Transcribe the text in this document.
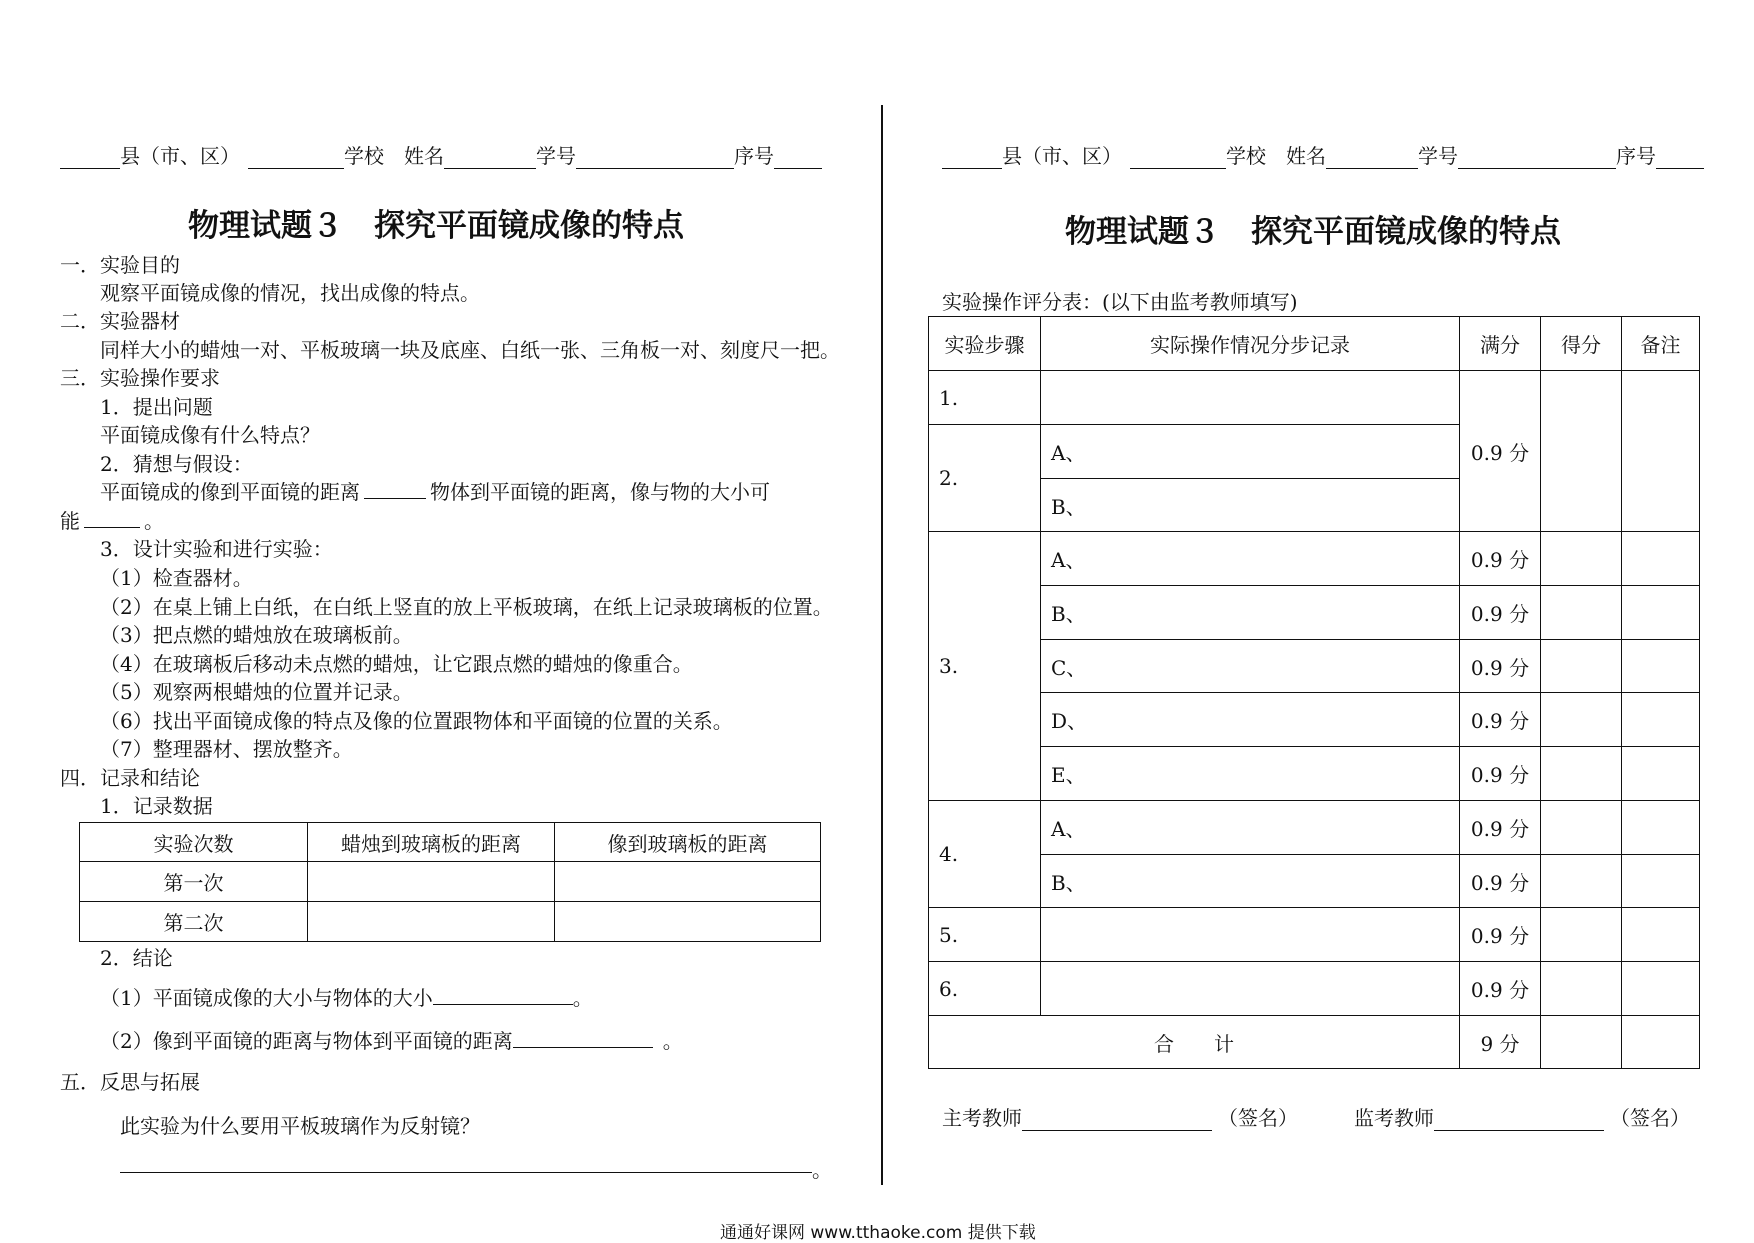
县（市、区）	学校 姓名	学号	序号	县（市、区）	学校 姓名	学号	序号
物理试题３　探究平面镜成像的特点
一．实验目的
观察平面镜成像的情况，找出成像的特点。
二．实验器材
同样大小的蜡烛一对、平板玻璃一块及底座、白纸一张、三角板一对、刻度尺一把。
三．实验操作要求
1．提出问题
平面镜成像有什么特点？
2．猜想与假设：
平面镜成的像到平面镜的距离	物体到平面镜的距离，像与物的大小可
能	。
3．设计实验和进行实验：
（1）检查器材。
（2）在桌上铺上白纸，在白纸上竖直的放上平板玻璃，在纸上记录玻璃板的位置。
（3）把点燃的蜡烛放在玻璃板前。
（4）在玻璃板后移动未点燃的蜡烛，让它跟点燃的蜡烛的像重合。
（5）观察两根蜡烛的位置并记录。
（6）找出平面镜成像的特点及像的位置跟物体和平面镜的位置的关系。
（7）整理器材、摆放整齐。
四．记录和结论
1．记录数据
实验次数	蜡烛到玻璃板的距离	像到玻璃板的距离
第一次		
第二次		
2．结论
（1）平面镜成像的大小与物体的大小	。
（2）像到平面镜的距离与物体到平面镜的距离	。
五．反思与拓展
此实验为什么要用平板玻璃作为反射镜？
。
物理试题３　探究平面镜成像的特点
实验操作评分表：(以下由监考教师填写)
实验步骤	实际操作情况分步记录	满分	得分	备注
1.		0.9 分		
2.	A、			
	B、			
3.	A、	0.9 分		
	B、	0.9 分		
	C、	0.9 分		
	D、	0.9 分		
	E、	0.9 分		
4.	A、	0.9 分		
	B、	0.9 分		
5.		0.9 分		
6.		0.9 分		
合　　计		9 分		
主考教师	（签名）	监考教师	（签名）
通通好课网 www.tthaoke.com 提供下载
